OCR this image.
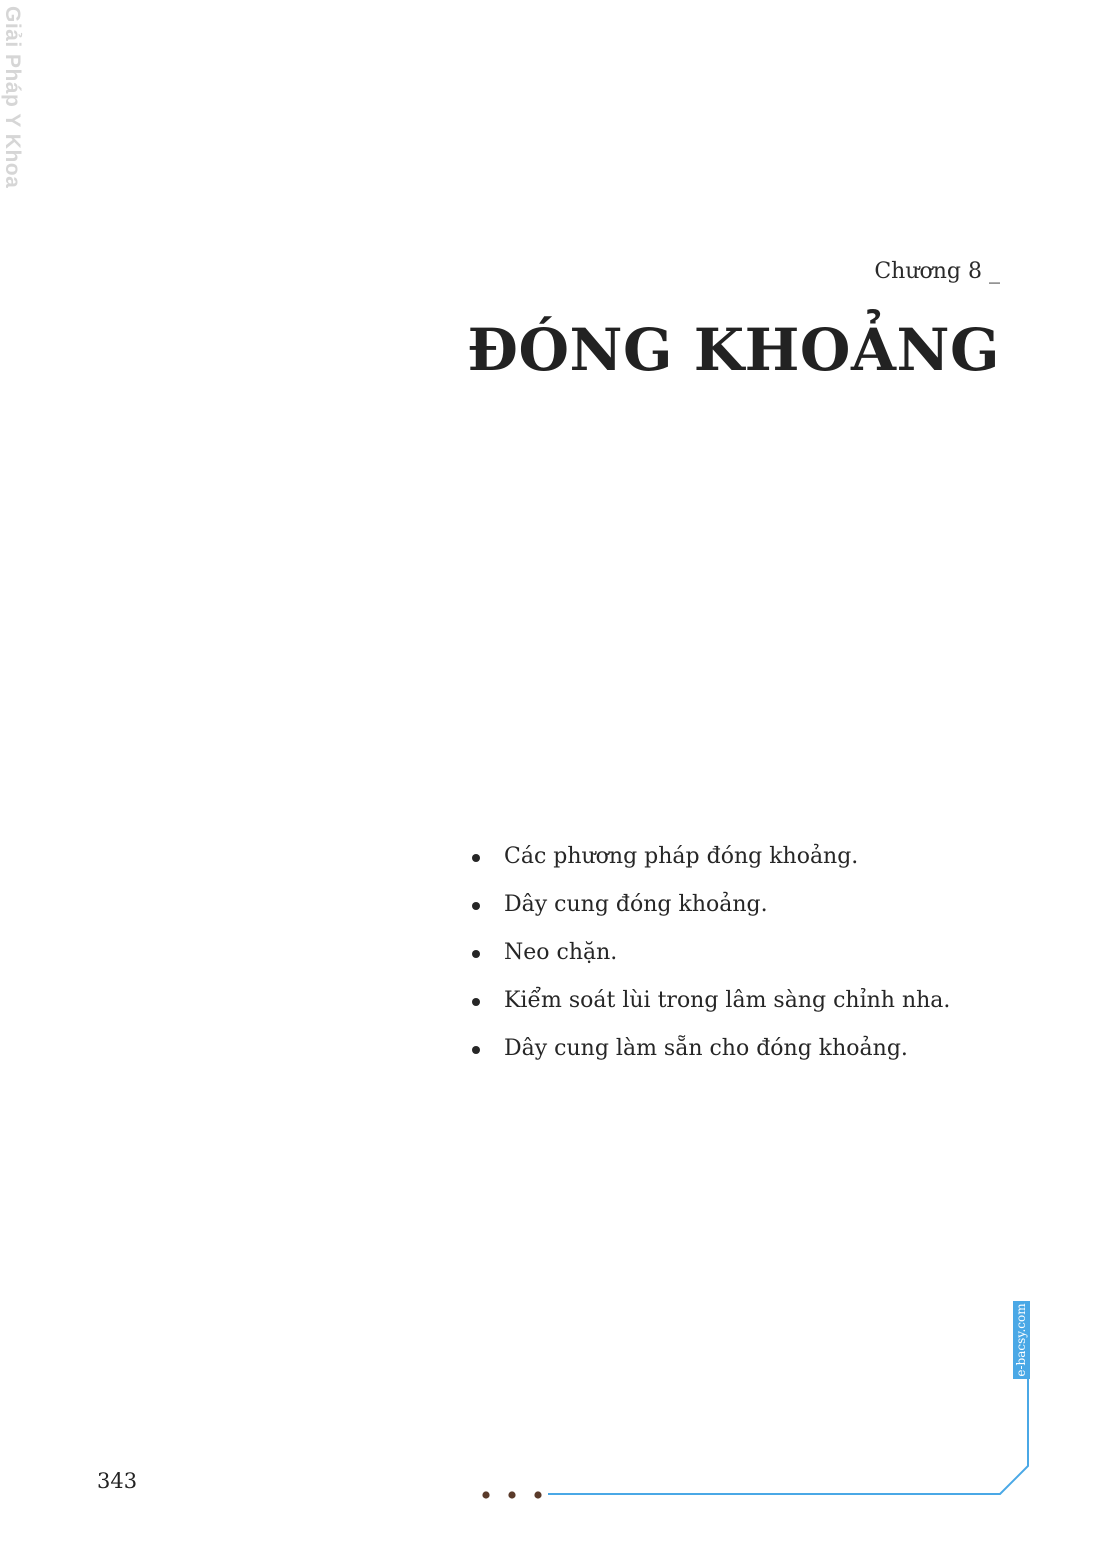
Giải Pháp Y Khoa
Chương 8 _
ĐÓNG KHOẢNG
Các phương pháp đóng khoảng.
Dây cung đóng khoảng.
Neo chặn.
Kiểm soát lùi trong lâm sàng chỉnh nha.
Dây cung làm sẵn cho đóng khoảng.
343
e-bacsy.com
